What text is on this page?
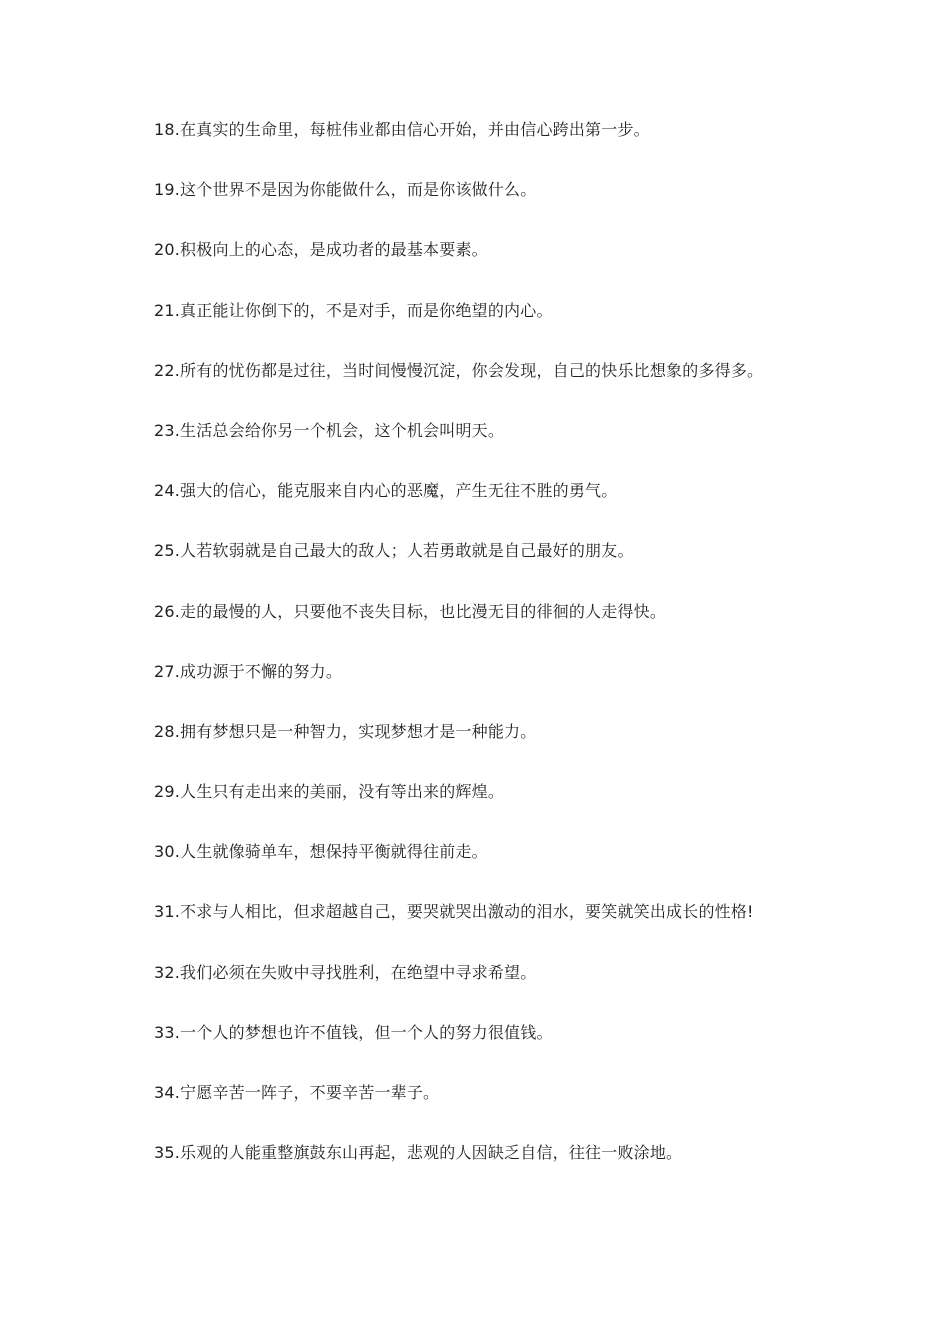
18.在真实的生命里，每桩伟业都由信心开始，并由信心跨出第一步。
19.这个世界不是因为你能做什么，而是你该做什么。
20.积极向上的心态，是成功者的最基本要素。
21.真正能让你倒下的，不是对手，而是你绝望的内心。
22.所有的忧伤都是过往，当时间慢慢沉淀，你会发现，自己的快乐比想象的多得多。
23.生活总会给你另一个机会，这个机会叫明天。
24.强大的信心，能克服来自内心的恶魔，产生无往不胜的勇气。
25.人若软弱就是自己最大的敌人；人若勇敢就是自己最好的朋友。
26.走的最慢的人，只要他不丧失目标，也比漫无目的徘徊的人走得快。
27.成功源于不懈的努力。
28.拥有梦想只是一种智力，实现梦想才是一种能力。
29.人生只有走出来的美丽，没有等出来的辉煌。
30.人生就像骑单车，想保持平衡就得往前走。
31.不求与人相比，但求超越自己，要哭就哭出激动的泪水，要笑就笑出成长的性格!
32.我们必须在失败中寻找胜利，在绝望中寻求希望。
33.一个人的梦想也许不值钱，但一个人的努力很值钱。
34.宁愿辛苦一阵子，不要辛苦一辈子。
35.乐观的人能重整旗鼓东山再起，悲观的人因缺乏自信，往往一败涂地。
